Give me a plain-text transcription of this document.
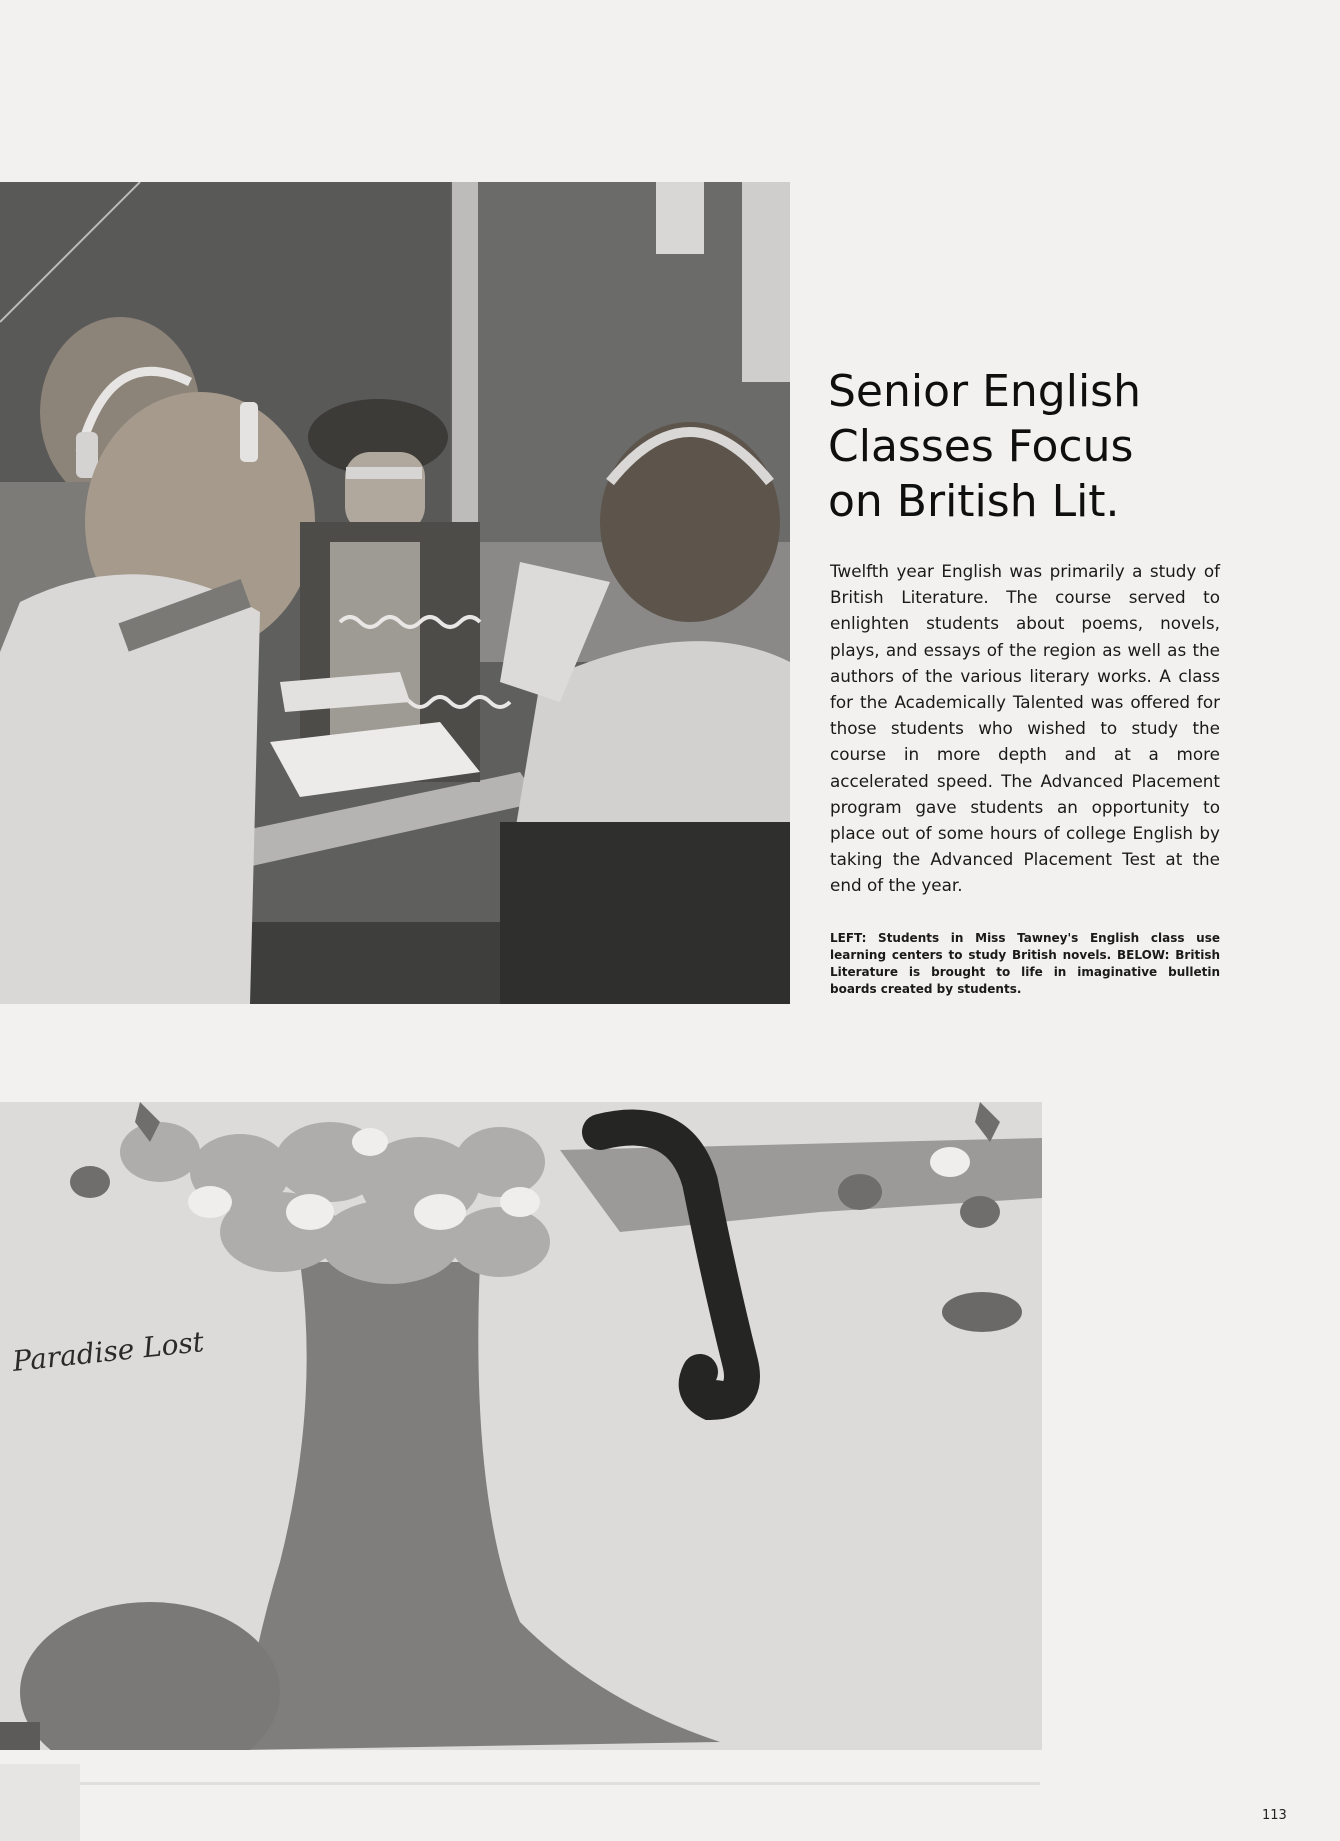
Senior English
Classes Focus
on British Lit.

Twelfth year English was primarily a study of British Literature. The course served to enlighten students about poems, novels, plays, and essays of the region as well as the authors of the various literary works. A class for the Academically Talented was offered for those students who wished to study the course in more depth and at a more accelerated speed. The Advanced Placement program gave students an opportunity to place out of some hours of college English by taking the Advanced Placement Test at the end of the year.

LEFT: Students in Miss Tawney's English class use learning centers to study British novels. BELOW: British Literature is brought to life in imaginative bulletin boards created by students.

Paradise Lost
113
